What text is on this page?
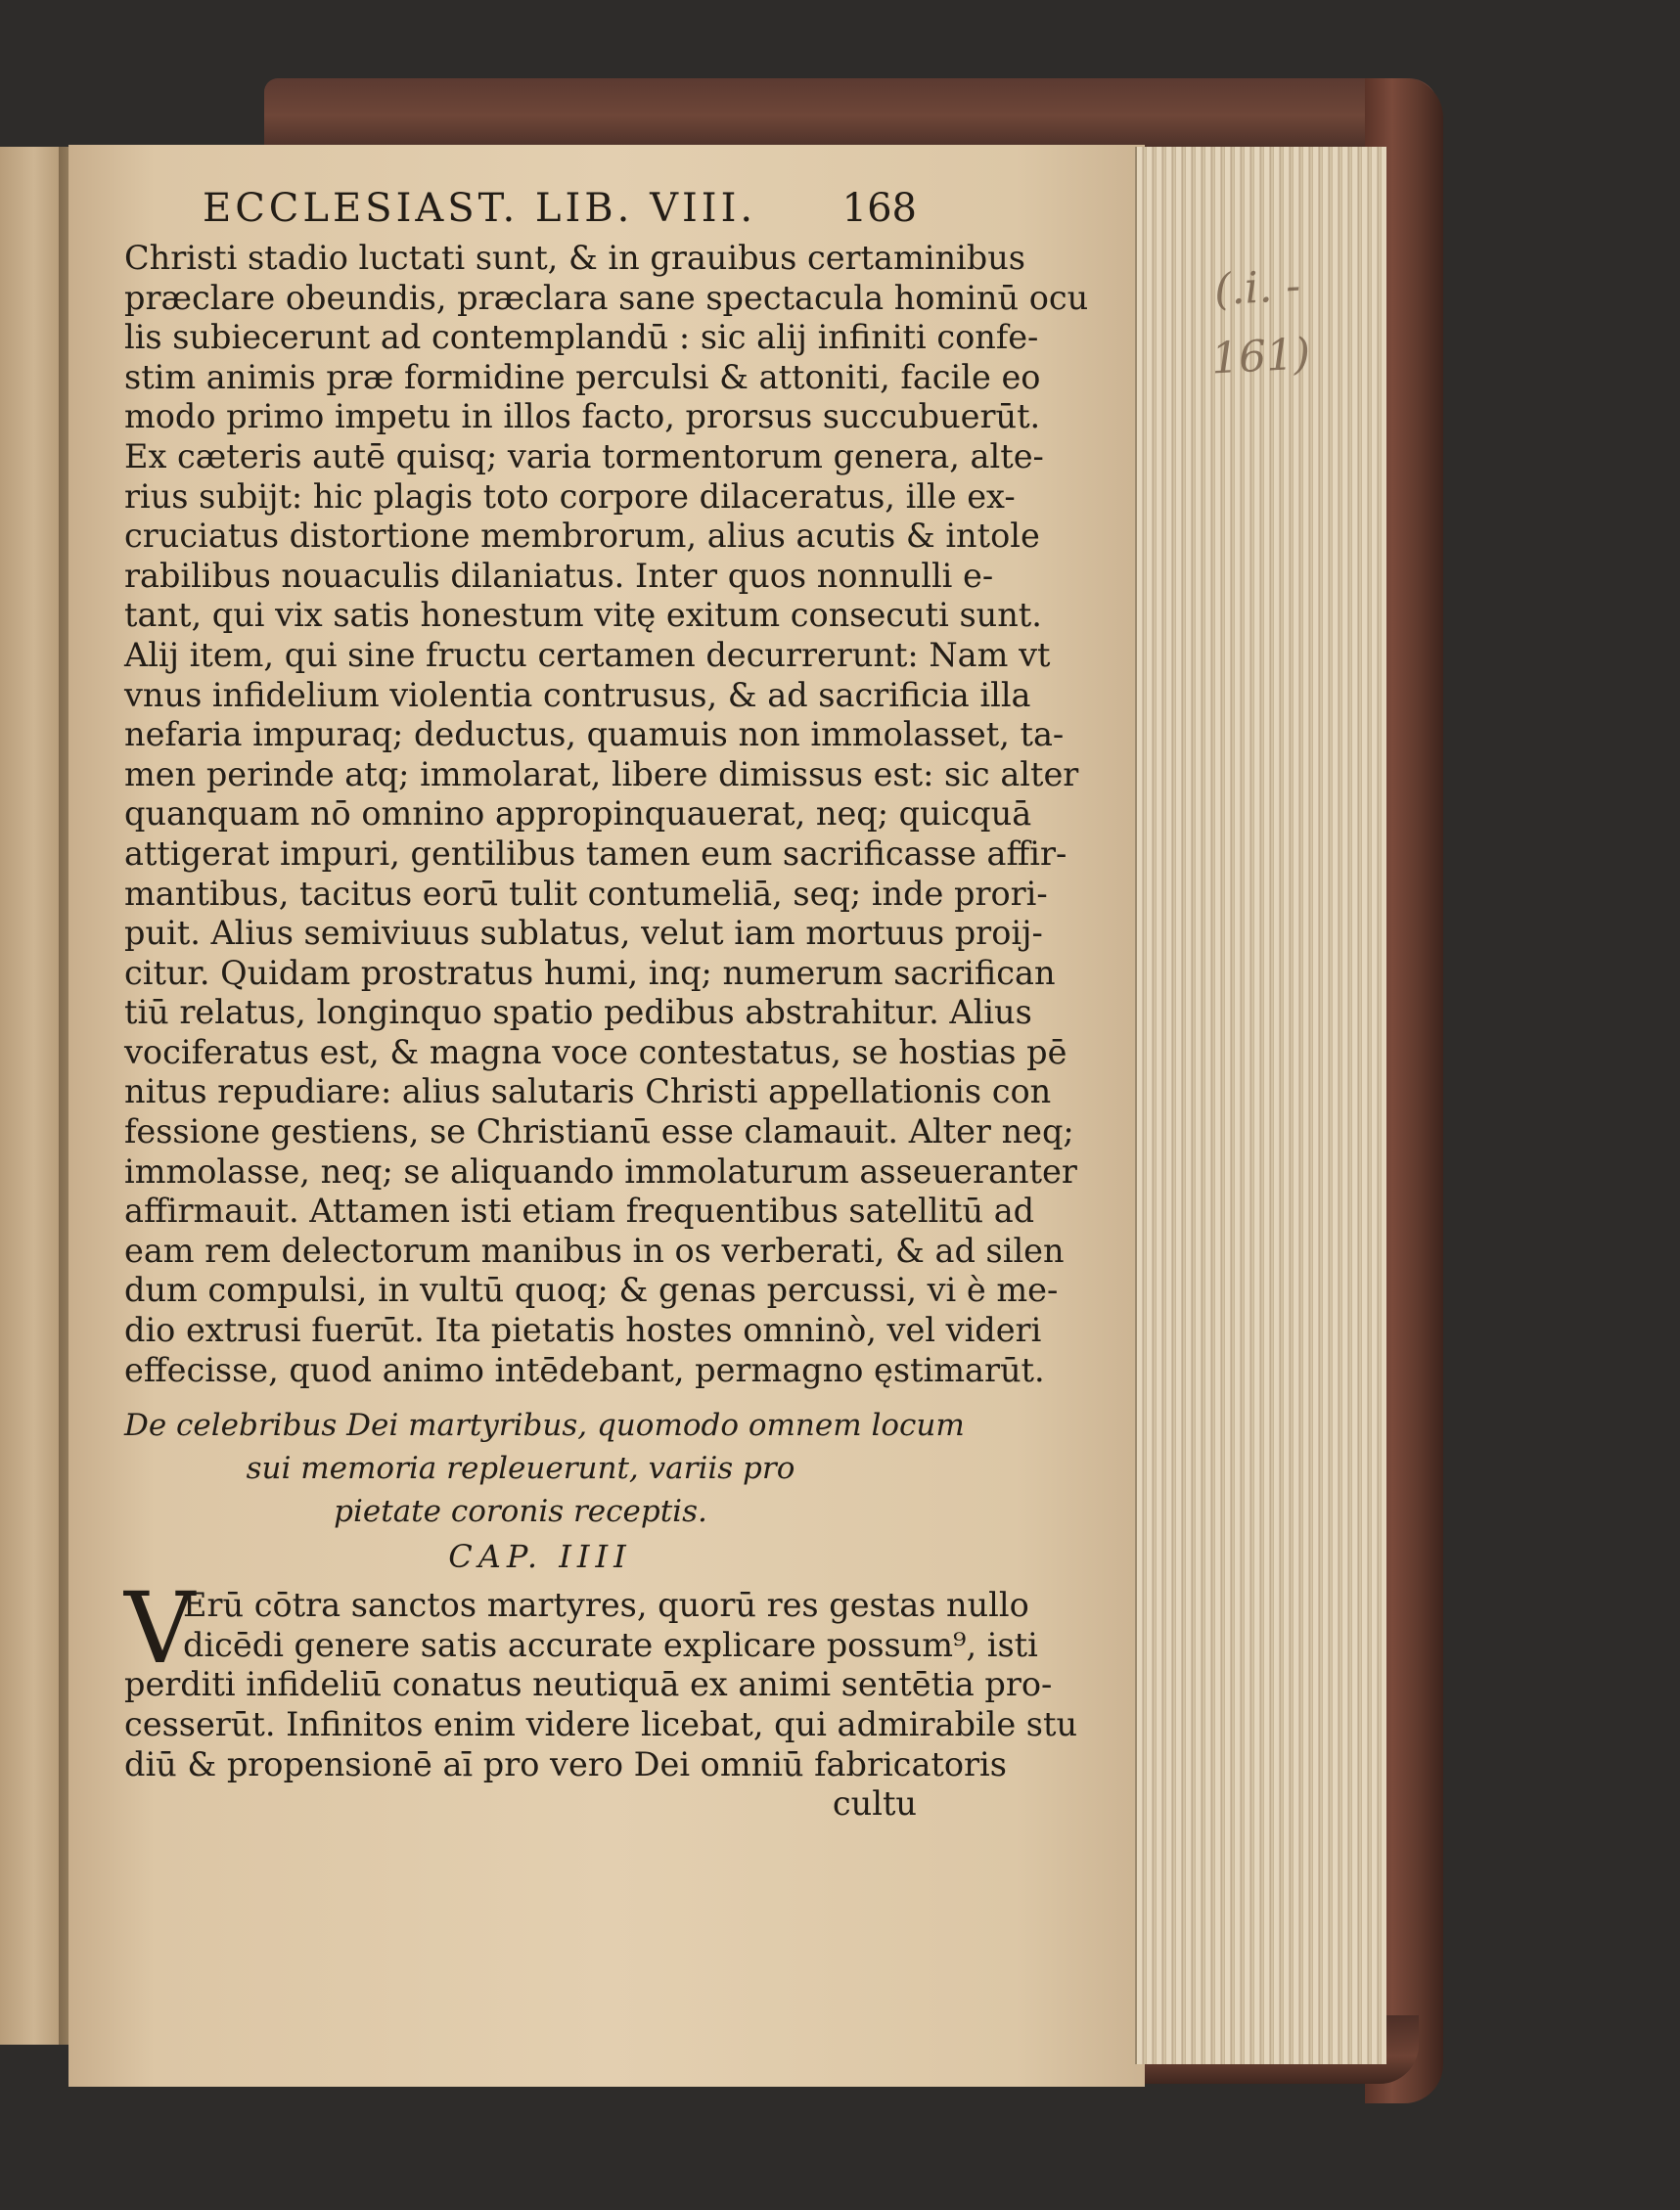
(.i. - 161)
ECCLESIAST. LIB. VIII. 168
Christi stadio luctati sunt, & in grauibus certaminibus
præclare obeundis, præclara sane spectacula hominū ocu
lis subiecerunt ad contemplandū : sic alij infiniti confe-
stim animis præ formidine perculsi & attoniti, facile eo
modo primo impetu in illos facto, prorsus succubuerūt.
Ex cæteris autē quisq; varia tormentorum genera, alte-
rius subijt: hic plagis toto corpore dilaceratus, ille ex-
cruciatus distortione membrorum, alius acutis & intole
rabilibus nouaculis dilaniatus. Inter quos nonnulli e-
tant, qui vix satis honestum vitę exitum consecuti sunt.
Alij item, qui sine fructu certamen decurrerunt: Nam vt
vnus infidelium violentia contrusus, & ad sacrificia illa
nefaria impuraq; deductus, quamuis non immolasset, ta-
men perinde atq; immolarat, libere dimissus est: sic alter
quanquam nō omnino appropinquauerat, neq; quicquā
attigerat impuri, gentilibus tamen eum sacrificasse affir-
mantibus, tacitus eorū tulit contumeliā, seq; inde prori-
puit. Alius semiviuus sublatus, velut iam mortuus proij-
citur. Quidam prostratus humi, inq; numerum sacrifican
tiū relatus, longinquo spatio pedibus abstrahitur. Alius
vociferatus est, & magna voce contestatus, se hostias pē
nitus repudiare: alius salutaris Christi appellationis con
fessione gestiens, se Christianū esse clamauit. Alter neq;
immolasse, neq; se aliquando immolaturum asseueranter
affirmauit. Attamen isti etiam frequentibus satellitū ad
eam rem delectorum manibus in os verberati, & ad silen
dum compulsi, in vultū quoq; & genas percussi, vi è me-
dio extrusi fuerūt. Ita pietatis hostes omninò, vel videri
effecisse, quod animo intēdebant, permagno ęstimarūt.
De celebribus Dei martyribus, quomodo omnem locum
sui memoria repleuerunt, variis pro
pietate coronis receptis.
CAP. IIII
V
Erū cōtra sanctos martyres, quorū res gestas nullo
dicēdi genere satis accurate explicare possum⁹, isti
perditi infideliū conatus neutiquā ex animi sentētia pro-
cesserūt. Infinitos enim videre licebat, qui admirabile stu
diū & propensionē aī pro vero Dei omniū fabricatoris
cultu
